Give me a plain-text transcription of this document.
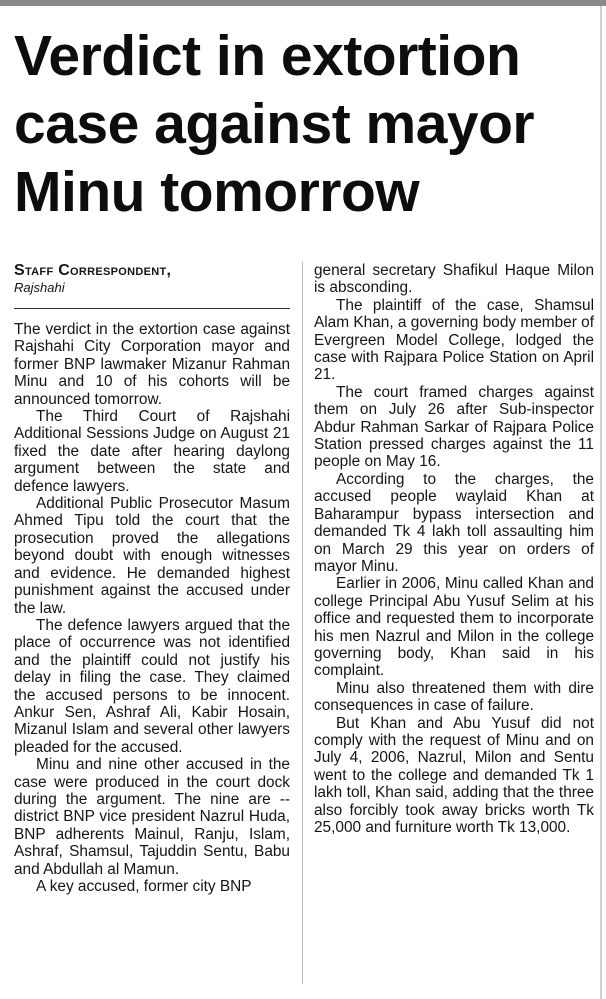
Verdict in extortion case against mayor Minu tomorrow

Staff Correspondent,

Rajshahi

The verdict in the extortion case against Rajshahi City Corporation mayor and former BNP lawmaker Mizanur Rahman Minu and 10 of his cohorts will be announced tomorrow.

The Third Court of Rajshahi Additional Sessions Judge on August 21 fixed the date after hearing daylong argument between the state and defence lawyers.

Additional Public Prosecutor Masum Ahmed Tipu told the court that the prosecution proved the allegations beyond doubt with enough witnesses and evidence. He demanded highest punishment against the accused under the law.

The defence lawyers argued that the place of occurrence was not identified and the plaintiff could not justify his delay in filing the case. They claimed the accused persons to be innocent. Ankur Sen, Ashraf Ali, Kabir Hosain, Mizanul Islam and several other lawyers pleaded for the accused.

Minu and nine other accused in the case were produced in the court dock during the argument. The nine are -- district BNP vice president Nazrul Huda, BNP adherents Mainul, Ranju, Islam, Ashraf, Shamsul, Tajuddin Sentu, Babu and Abdullah al Mamun.

A key accused, former city BNP

general secretary Shafikul Haque Milon is absconding.

The plaintiff of the case, Shamsul Alam Khan, a governing body member of Evergreen Model College, lodged the case with Rajpara Police Station on April 21.

The court framed charges against them on July 26 after Sub-inspector Abdur Rahman Sarkar of Rajpara Police Station pressed charges against the 11 people on May 16.

According to the charges, the accused people waylaid Khan at Baharampur bypass intersection and demanded Tk 4 lakh toll assaulting him on March 29 this year on orders of mayor Minu.

Earlier in 2006, Minu called Khan and college Principal Abu Yusuf Selim at his office and requested them to incorporate his men Nazrul and Milon in the college governing body, Khan said in his complaint.

Minu also threatened them with dire consequences in case of failure.

But Khan and Abu Yusuf did not comply with the request of Minu and on July 4, 2006, Nazrul, Milon and Sentu went to the college and demanded Tk 1 lakh toll, Khan said, adding that the three also forcibly took away bricks worth Tk 25,000 and furniture worth Tk 13,000.
